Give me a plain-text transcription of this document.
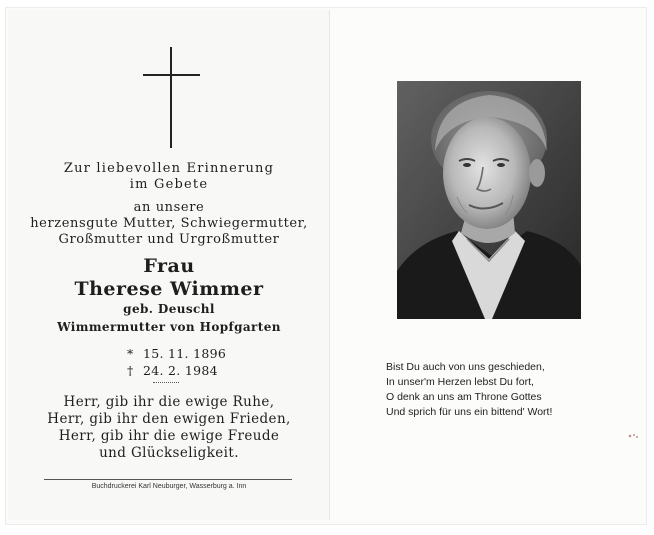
Zur liebevollen Erinnerung
im Gebete
an unsere
herzensgute Mutter, Schwiegermutter,
Großmutter und Urgroßmutter
Frau
Therese Wimmer
geb. Deuschl
Wimmermutter von Hopfgarten
* 15. 11. 1896
† 24. 2. 1984
Herr, gib ihr die ewige Ruhe,
Herr, gib ihr den ewigen Frieden,
Herr, gib ihr die ewige Freude
und Glückseligkeit.
Buchdruckerei Karl Neuburger, Wasserburg a. Inn
Bist Du auch von uns geschieden,
In unser'm Herzen lebst Du fort,
O denk an uns am Throne Gottes
Und sprich für uns ein bittend' Wort!
